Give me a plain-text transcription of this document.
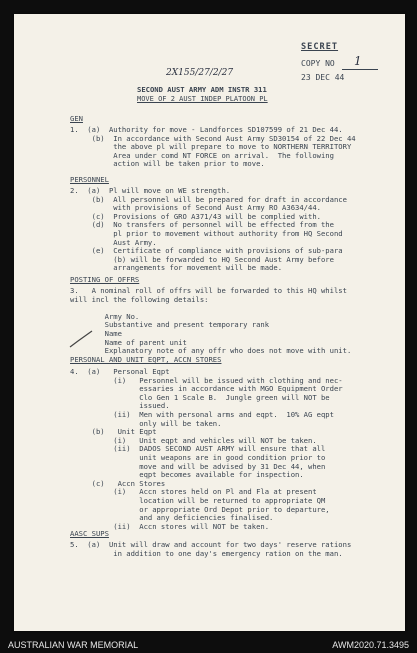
SECRET
COPY NO 1
2X155/27/2/27	23 DEC 44
SECOND AUST ARMY ADM INSTR 311
MOVE OF 2 AUST INDEP PLATOON PL
GEN
1.  (a)  Authority for move - Landforces SD107599 of 21 Dec 44.
(b)  In accordance with Second Aust Army SD30154 of 22 Dec 44
the above pl will prepare to move to NORTHERN TERRITORY
Area under comd NT FORCE on arrival.  The following
action will be taken prior to move.
PERSONNEL
2.  (a)  Pl will move on WE strength.
(b)  All personnel will be prepared for draft in accordance
with provisions of Second Aust Army RO A3634/44.
(c)  Provisions of GRO A371/43 will be complied with.
(d)  No transfers of personnel will be effected from the
pl prior to movement without authority from HQ Second
Aust Army.
(e)  Certificate of compliance with provisions of sub-para
(b) will be forwarded to HQ Second Aust Army before
arrangements for movement will be made.
POSTING OF OFFRS
3.   A nominal roll of offrs will be forwarded to this HQ whilst
will incl the following details:
Army No.
Substantive and present temporary rank
Name
Name of parent unit
Explanatory note of any offr who does not move with unit.
PERSONAL AND UNIT EQPT, ACCN STORES
4.  (a)   Personal Eqpt
(i)   Personnel will be issued with clothing and nec-
essaries in accordance with MGO Equipment Order
Clo Gen 1 Scale B.  Jungle green will NOT be
issued.
(ii)  Men with personal arms and eqpt.  10% AG eqpt
only will be taken.
(b)   Unit Eqpt
(i)   Unit eqpt and vehicles will NOT be taken.
(ii)  DADOS SECOND AUST ARMY will ensure that all
unit weapons are in good condition prior to
move and will be advised by 31 Dec 44, when
eqpt becomes available for inspection.
(c)   Accn Stores
(i)   Accn stores held on Pl and Fla at present
location will be returned to appropriate QM
or appropriate Ord Depot prior to departure,
and any deficiencies finalised.
(ii)  Accn stores will NOT be taken.
AASC SUPS
5.  (a)  Unit will draw and account for two days' reserve rations
in addition to one day's emergency ration on the man.
AUSTRALIAN WAR MEMORIAL	AWM2020.71.3495
